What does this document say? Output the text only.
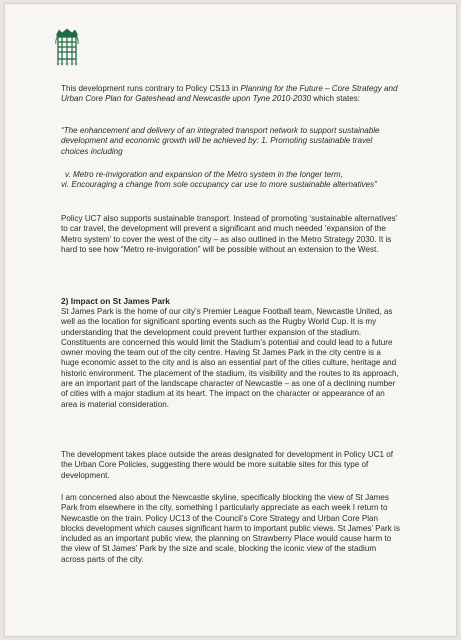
This development runs contrary to Policy CS13 in Planning for the Future – Core Strategy and Urban Core Plan for Gateshead and Newcastle upon Tyne 2010-2030 which states:

“The enhancement and delivery of an integrated transport network to support sustainable development and economic growth will be achieved by: 1. Promoting sustainable travel choices including

v. Metro re-invigoration and expansion of the Metro system in the longer term,
vi. Encouraging a change from sole occupancy car use to more sustainable alternatives”

Policy UC7 also supports sustainable transport. Instead of promoting ‘sustainable alternatives’ to car travel, the development will prevent a significant and much needed ‘expansion of the Metro system’ to cover the west of the city – as also outlined in the Metro Strategy 2030. It is hard to see how “Metro re-invigoration” will be possible without an extension to the West.

2) Impact on St James Park

St James Park is the home of our city’s Premier League Football team, Newcastle United, as well as the location for significant sporting events such as the Rugby World Cup. It is my understanding that the development could prevent further expansion of the stadium. Constituents are concerned this would limit the Stadium’s potential and could lead to a future owner moving the team out of the city centre. Having St James Park in the city centre is a huge economic asset to the city and is also an essential part of the cities culture, heritage and historic environment. The placement of the stadium, its visibility and the routes to its approach, are an important part of the landscape character of Newcastle – as one of a declining number of cities with a major stadium at its heart. The impact on the character or appearance of an area is material consideration.

The development takes place outside the areas designated for development in Policy UC1 of the Urban Core Policies, suggesting there would be more suitable sites for this type of development.

I am concerned also about the Newcastle skyline, specifically blocking the view of St James Park from elsewhere in the city, something I particularly appreciate as each week I return to Newcastle on the train. Policy UC13 of the Council’s Core Strategy and Urban Core Plan blocks development which causes significant harm to important public views. St James’ Park is included as an important public view, the planning on Strawberry Place would cause harm to the view of St James’ Park by the size and scale, blocking the iconic view of the stadium across parts of the city.
